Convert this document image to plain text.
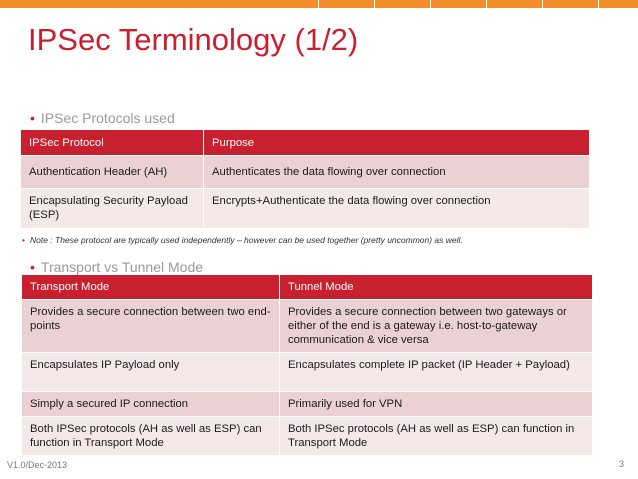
IPSec Terminology (1/2)
• IPSec Protocols used
IPSec Protocol	Purpose
Authentication Header (AH)	Authenticates the data flowing over connection
Encapsulating Security Payload (ESP)	Encrypts+Authenticate the data flowing over connection
• Note : These protocol are typically used independently – however can be used together (pretty uncommon) as well.
• Transport vs Tunnel Mode
Transport Mode	Tunnel Mode
Provides a secure connection between two end-points	Provides a secure connection between two gateways or either of the end is a gateway i.e. host-to-gateway communication & vice versa
Encapsulates IP Payload only	Encapsulates complete IP packet (IP Header + Payload)
Simply a secured IP connection	Primarily used for VPN
Both IPSec protocols (AH as well as ESP) can function in Transport Mode	Both IPSec protocols (AH as well as ESP) can function in Transport Mode
V1.0/Dec-2013	3
